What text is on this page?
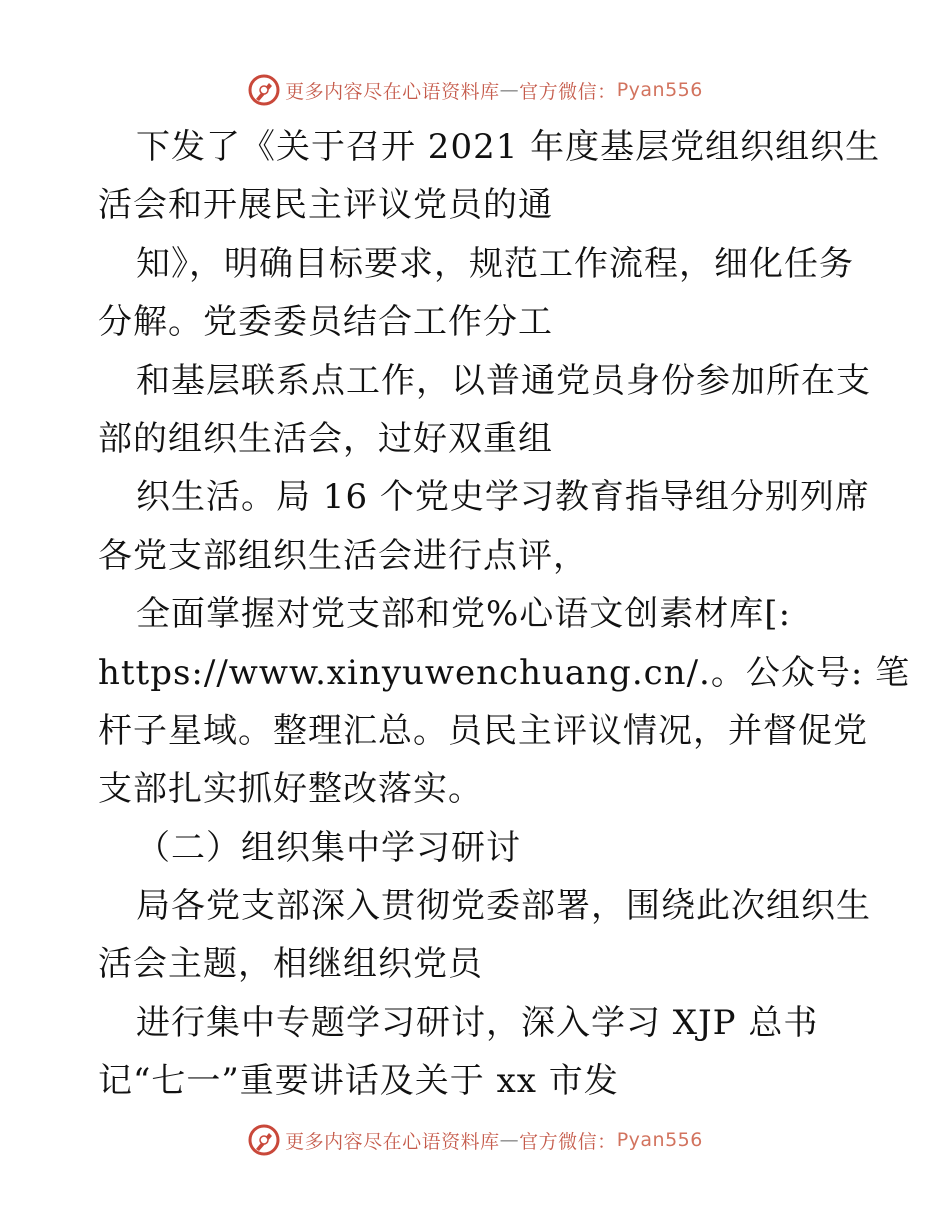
更多内容尽在心语资料库 — 官方微信： Pyan556
下发了《关于召开 2021 年度基层党组织组织生
活会和开展民主评议党员的通
知》，明确目标要求，规范工作流程，细化任务
分解。党委委员结合工作分工
和基层联系点工作，以普通党员身份参加所在支
部的组织生活会，过好双重组
织生活。局 16 个党史学习教育指导组分别列席
各党支部组织生活会进行点评，
全面掌握对党支部和党%心语文创素材库[:
https://www.xinyuwenchuang.cn/.。公众号: 笔
杆子星域。整理汇总。员民主评议情况，并督促党
支部扎实抓好整改落实。
（二）组织集中学习研讨
局各党支部深入贯彻党委部署，围绕此次组织生
活会主题，相继组织党员
进行集中专题学习研讨，深入学习 XJP 总书
记“七一”重要讲话及关于 xx 市发
更多内容尽在心语资料库 — 官方微信： Pyan556
